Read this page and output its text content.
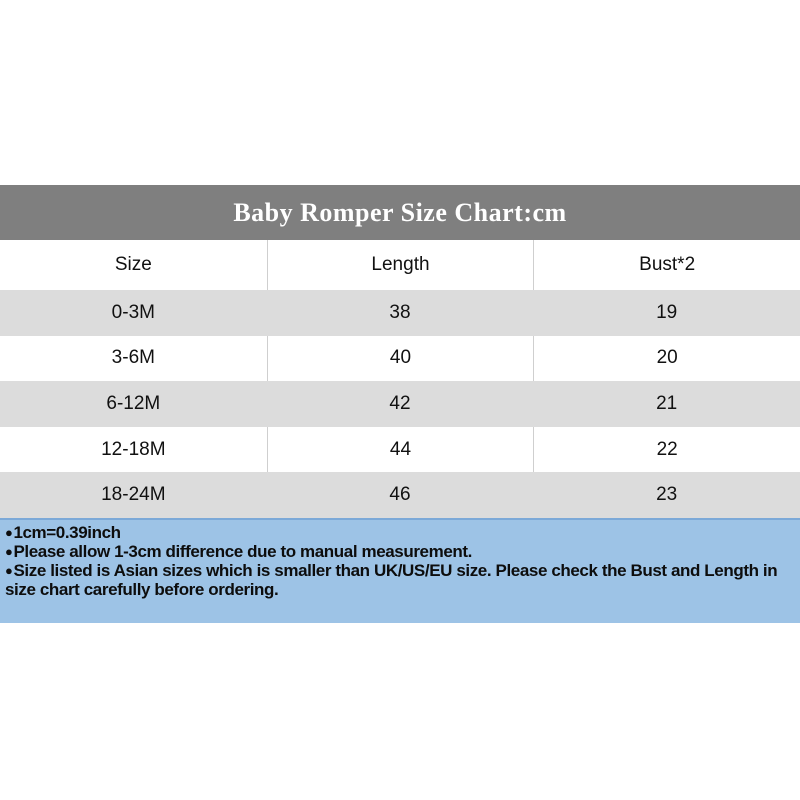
Baby Romper Size Chart:cm
Size	Length	Bust*2
0-3M	38	19
3-6M	40	20
6-12M	42	21
12-18M	44	22
18-24M	46	23
●1cm=0.39inch
●Please allow 1-3cm difference due to manual measurement.
●Size listed is Asian sizes which is smaller than UK/US/EU size. Please check the Bust and Length in size chart carefully before ordering.
